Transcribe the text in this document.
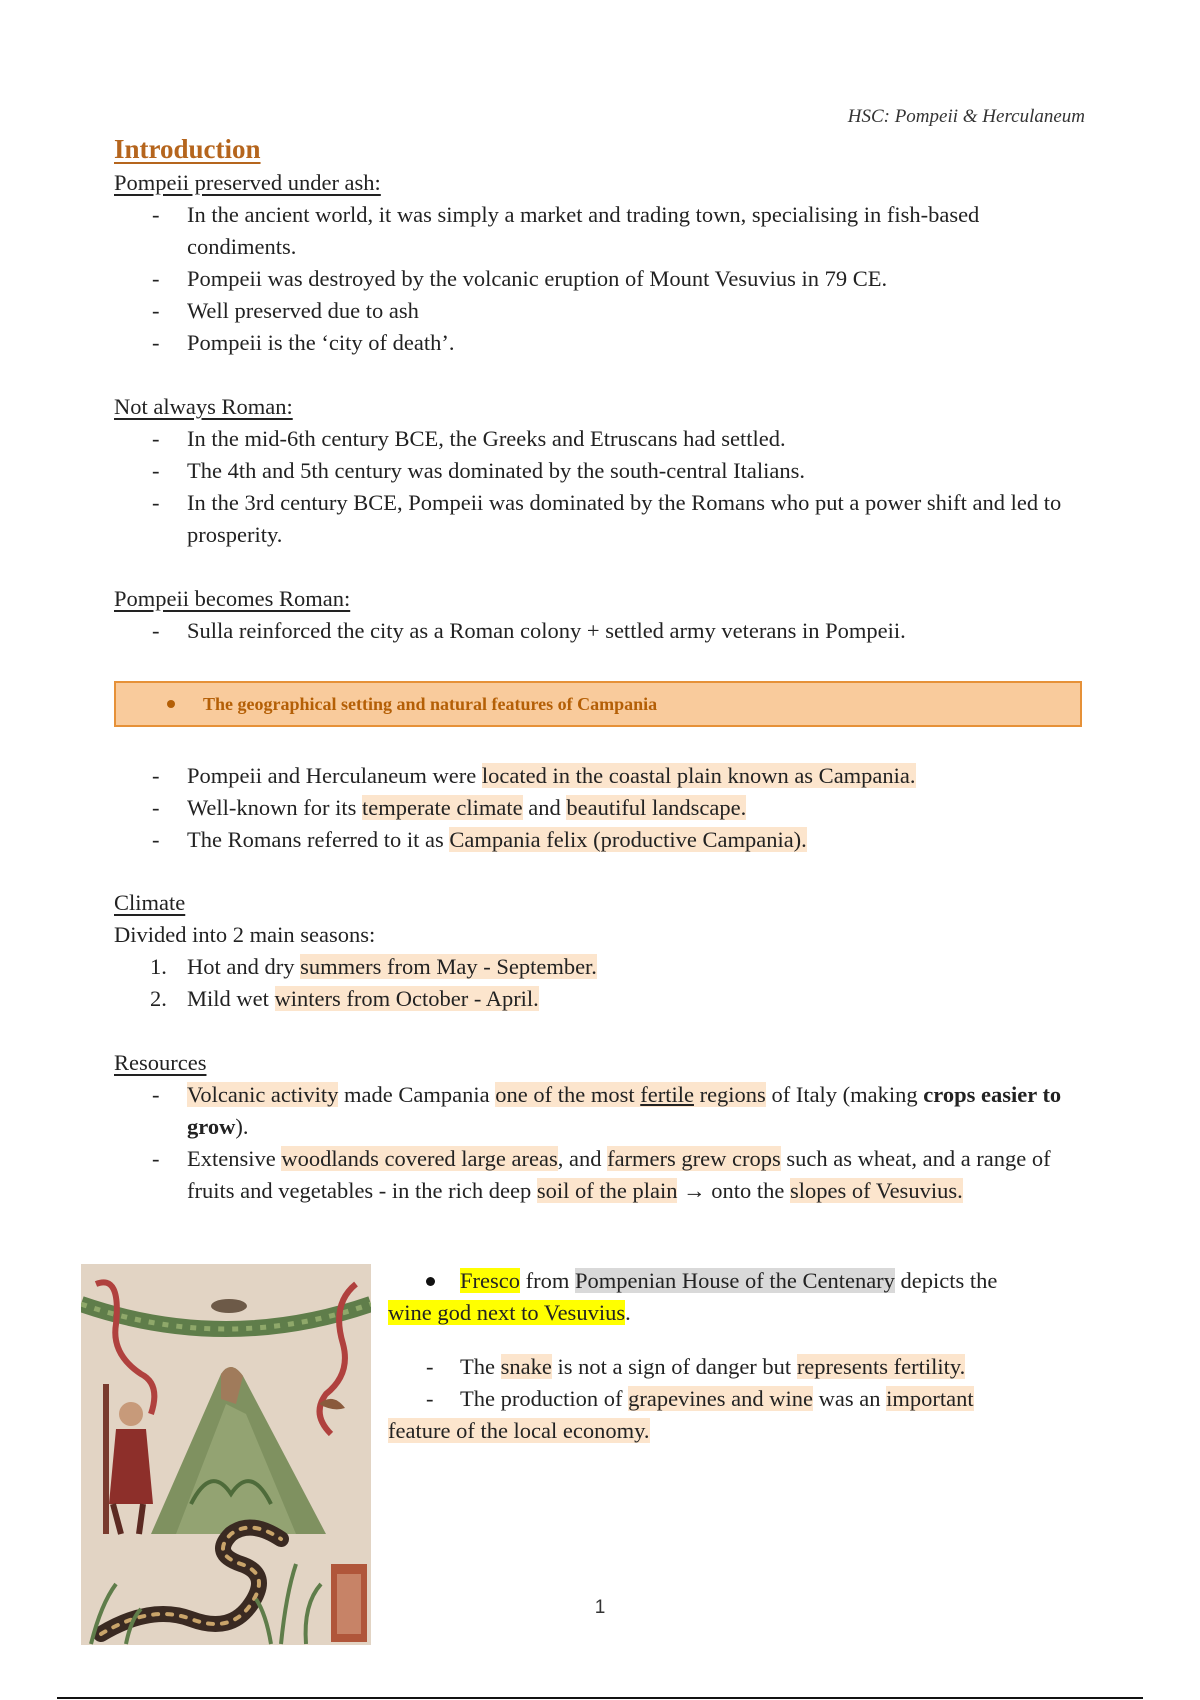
HSC: Pompeii & Herculaneum
Introduction
Pompeii preserved under ash:
- In the ancient world, it was simply a market and trading town, specialising in fish-based condiments.
- Pompeii was destroyed by the volcanic eruption of Mount Vesuvius in 79 CE.
- Well preserved due to ash
- Pompeii is the ‘city of death’.
Not always Roman:
- In the mid-6th century BCE, the Greeks and Etruscans had settled.
- The 4th and 5th century was dominated by the south-central Italians.
- In the 3rd century BCE, Pompeii was dominated by the Romans who put a power shift and led to prosperity.
Pompeii becomes Roman:
- Sulla reinforced the city as a Roman colony + settled army veterans in Pompeii.
The geographical setting and natural features of Campania
- Pompeii and Herculaneum were located in the coastal plain known as Campania.
- Well-known for its temperate climate and beautiful landscape.
- The Romans referred to it as Campania felix (productive Campania).
Climate

Divided into 2 main seasons:

1. Hot and dry summers from May - September.
2. Mild wet winters from October - April.
Resources
- Volcanic activity made Campania one of the most fertile regions of Italy (making crops easier to grow).
- Extensive woodlands covered large areas, and farmers grew crops such as wheat, and a range of fruits and vegetables - in the rich deep soil of the plain → onto the slopes of Vesuvius.
Fresco from Pompenian House of the Centenary depicts the wine god next to Vesuvius.
- The snake is not a sign of danger but represents fertility.
- The production of grapevines and wine was an important feature of the local economy.
1
